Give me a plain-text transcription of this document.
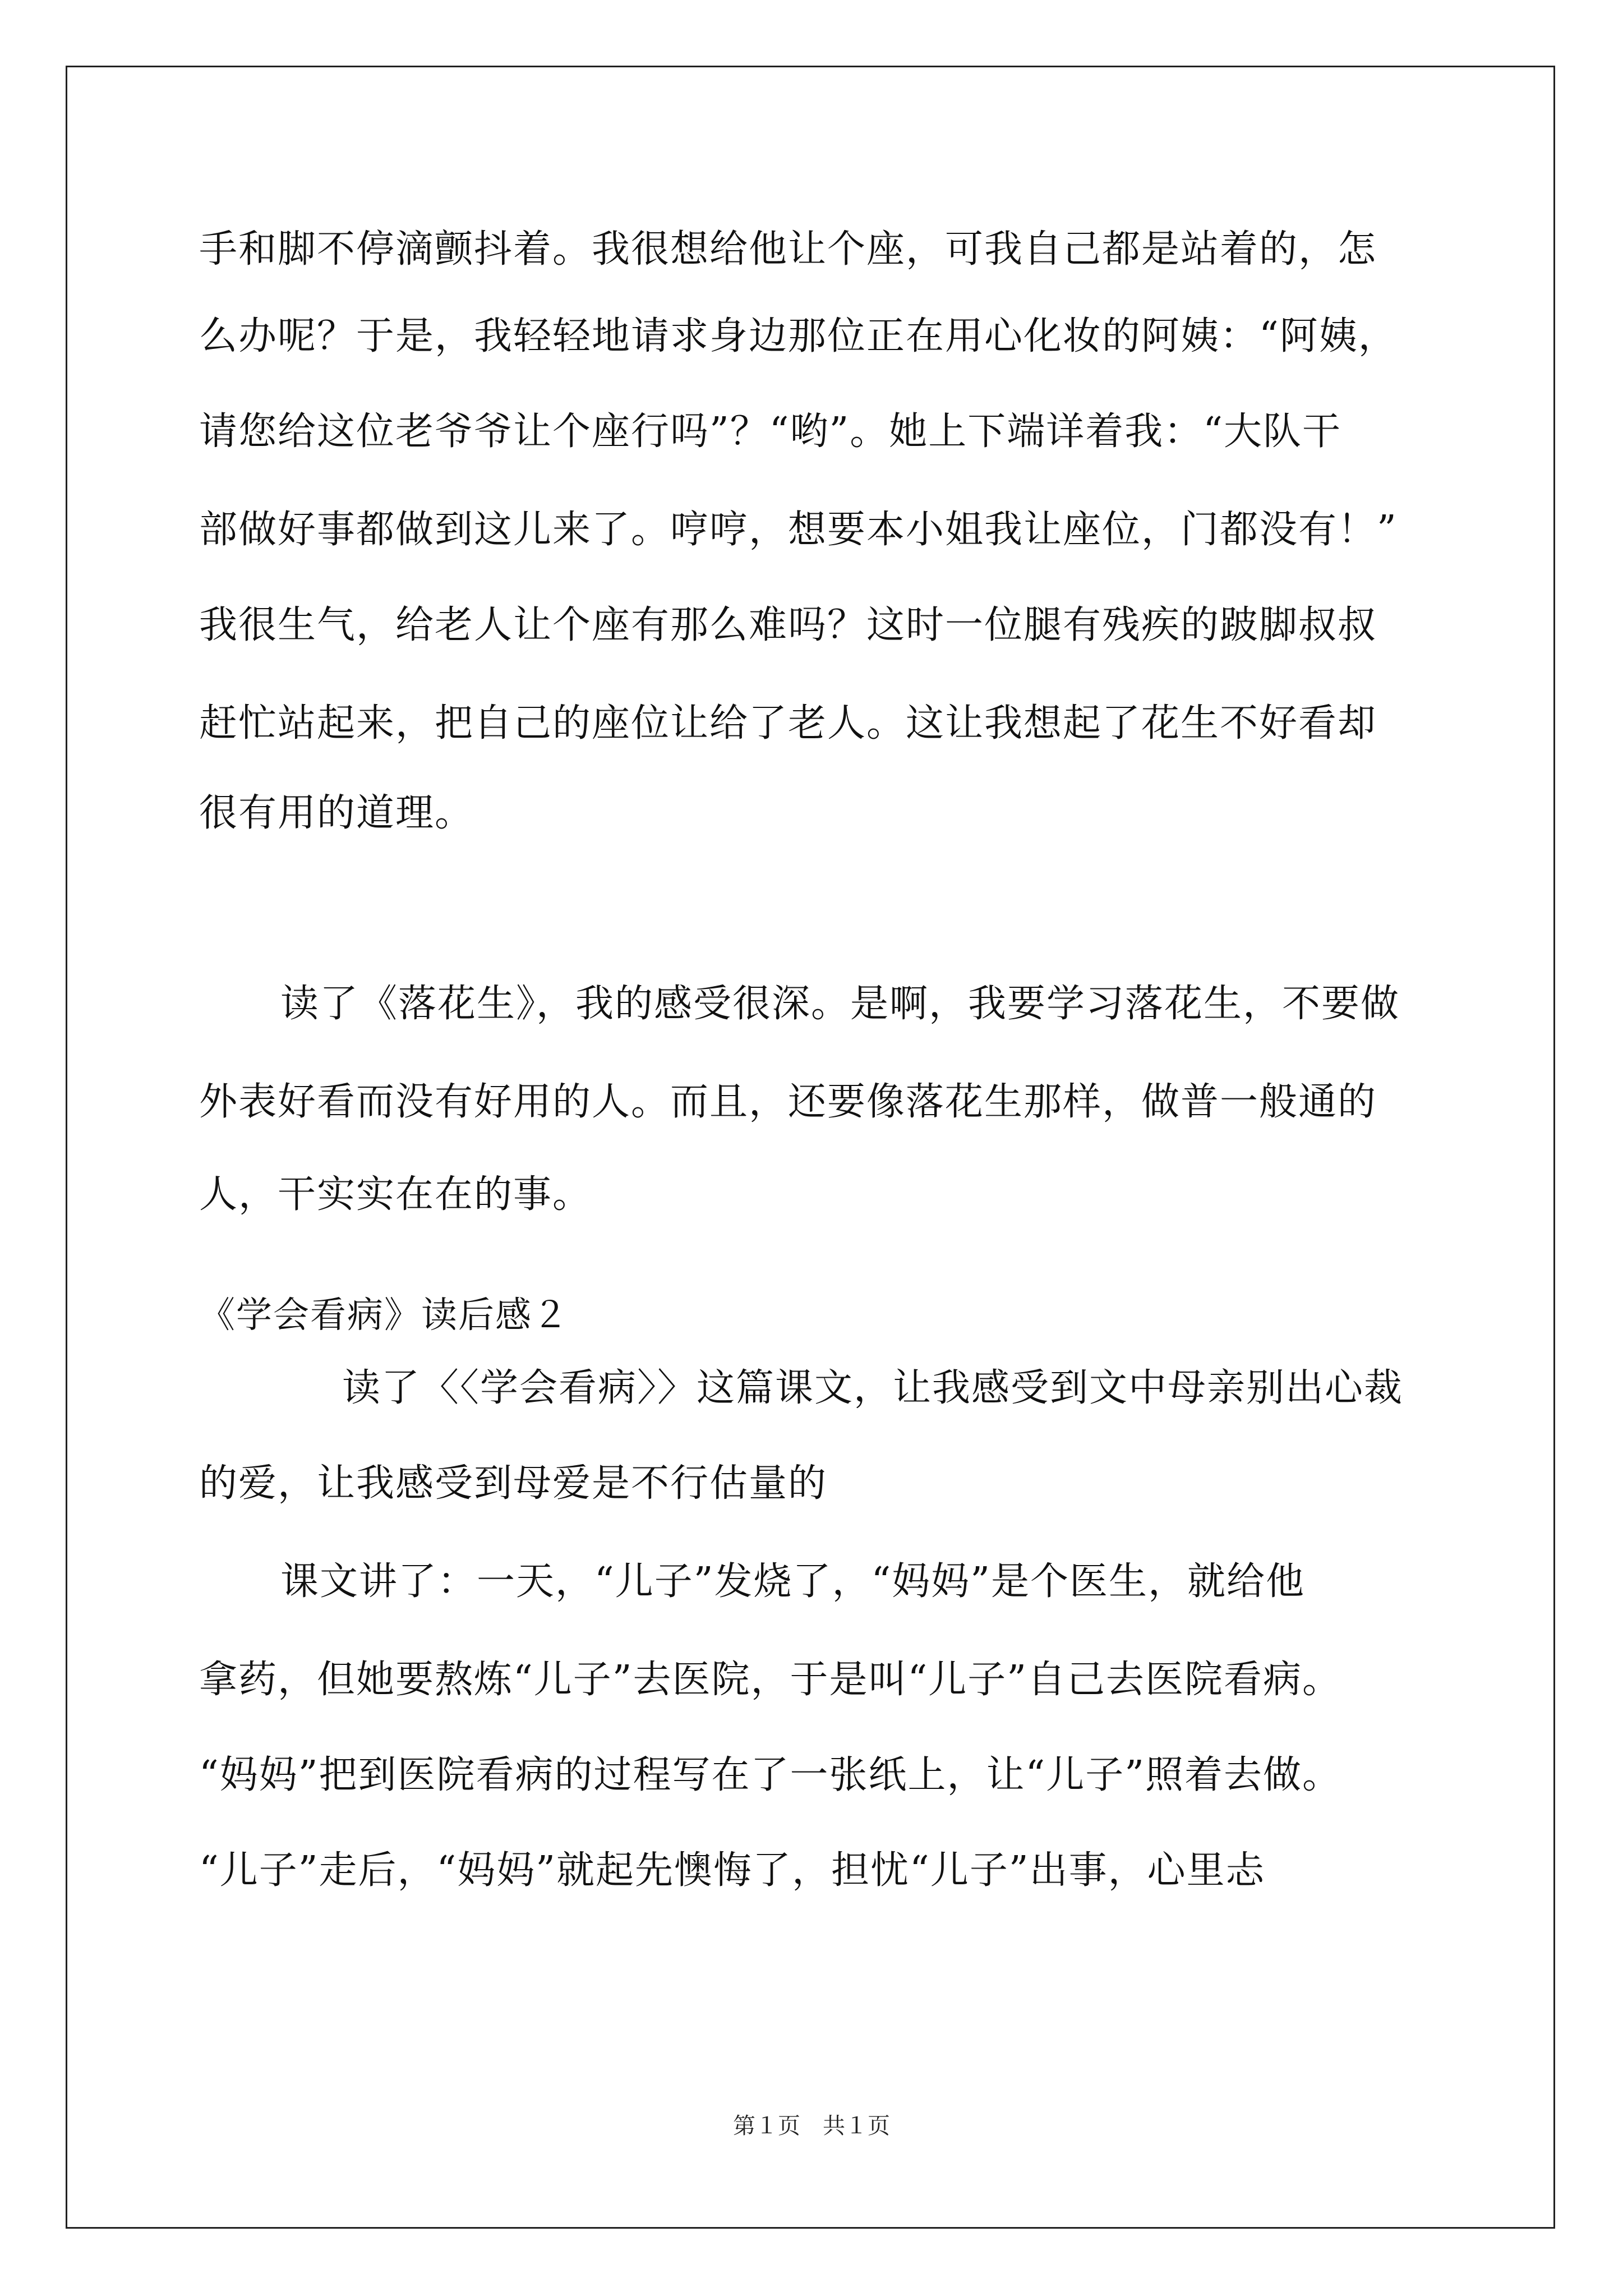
手和脚不停滴颤抖着。我很想给他让个座，可我自己都是站着的，怎

么办呢？于是，我轻轻地请求身边那位正在用心化妆的阿姨：“阿姨，

请您给这位老爷爷让个座行吗”？“哟”。她上下端详着我：“大队干

部做好事都做到这儿来了。哼哼，想要本小姐我让座位，门都没有！”

我很生气，给老人让个座有那么难吗？这时一位腿有残疾的跛脚叔叔

赶忙站起来，把自己的座位让给了老人。这让我想起了花生不好看却

很有用的道理。

读了《落花生》，我的感受很深。是啊，我要学习落花生，不要做

外表好看而没有好用的人。而且，还要像落花生那样，做普一般通的

人，干实实在在的事。

《学会看病》读后感２

读了〈〈学会看病〉〉这篇课文，让我感受到文中母亲别出心裁

的爱，让我感受到母爱是不行估量的

课文讲了：一天，“儿子”发烧了，“妈妈”是个医生，就给他

拿药，但她要熬炼“儿子”去医院，于是叫“儿子”自己去医院看病。

“妈妈”把到医院看病的过程写在了一张纸上，让“儿子”照着去做。

“儿子”走后，“妈妈”就起先懊悔了，担忧“儿子”出事，心里忐

第１页　共１页
